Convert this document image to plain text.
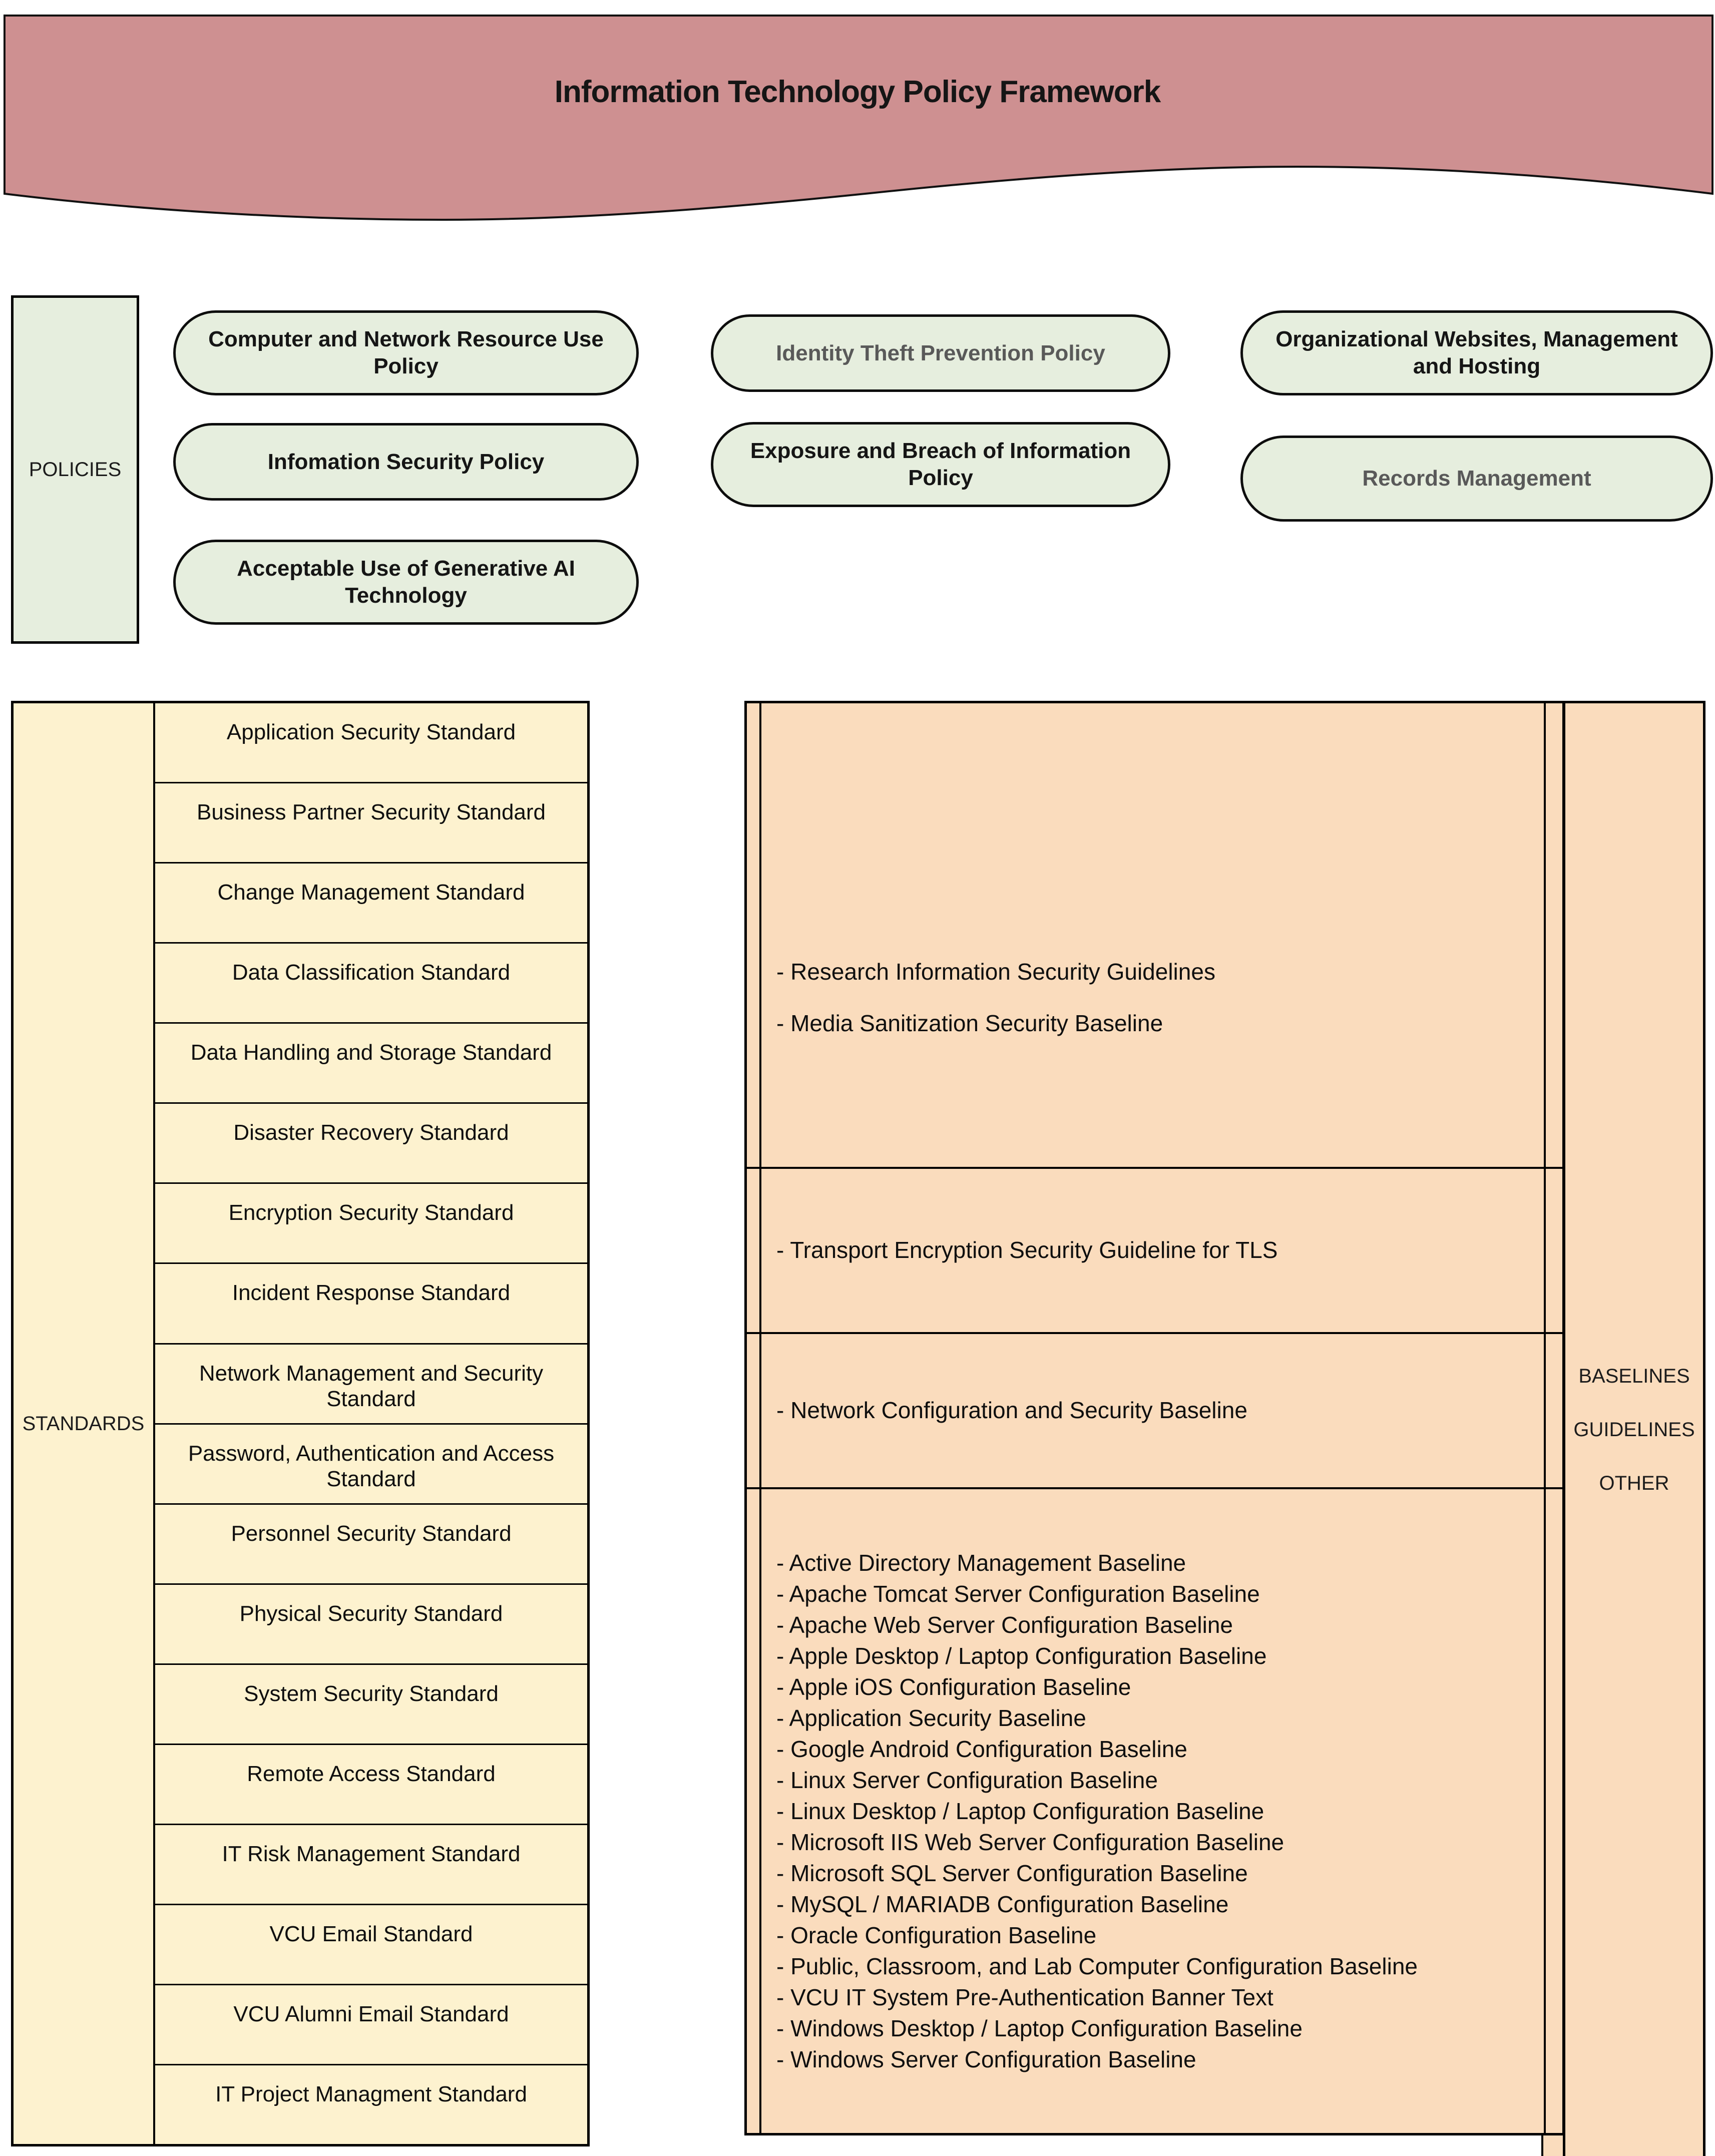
Information Technology Policy Framework
POLICIES
Computer and Network Resource Use Policy
Infomation Security Policy
Acceptable Use of Generative AI Technology
Identity Theft Prevention Policy
Exposure and Breach of Information Policy
Organizational Websites, Management and Hosting
Records Management
STANDARDS
Application Security Standard
Business Partner Security Standard
Change Management Standard
Data Classification Standard
Data Handling and Storage Standard
Disaster Recovery Standard
Encryption Security Standard
Incident Response Standard
Network Management and Security Standard
Password, Authentication and Access Standard
Personnel Security Standard
Physical Security Standard
System Security Standard
Remote Access Standard
IT Risk Management Standard
VCU Email Standard
VCU Alumni Email Standard
IT Project Managment Standard
- Research Information Security Guidelines
- Media Sanitization Security Baseline
- Transport Encryption Security Guideline for TLS
- Network Configuration and Security Baseline
- Active Directory Management Baseline
- Apache Tomcat Server Configuration Baseline
- Apache Web Server Configuration Baseline
- Apple Desktop / Laptop Configuration Baseline
- Apple iOS Configuration Baseline
- Application Security Baseline
- Google Android Configuration Baseline
- Linux Server Configuration Baseline
- Linux Desktop / Laptop Configuration Baseline
- Microsoft IIS Web Server Configuration Baseline
- Microsoft SQL Server Configuration Baseline
- MySQL / MARIADB Configuration Baseline
- Oracle Configuration Baseline
- Public, Classroom, and Lab Computer Configuration Baseline
- VCU IT System Pre-Authentication Banner Text
- Windows Desktop / Laptop Configuration Baseline
- Windows Server Configuration Baseline
BASELINES
GUIDELINES
OTHER
